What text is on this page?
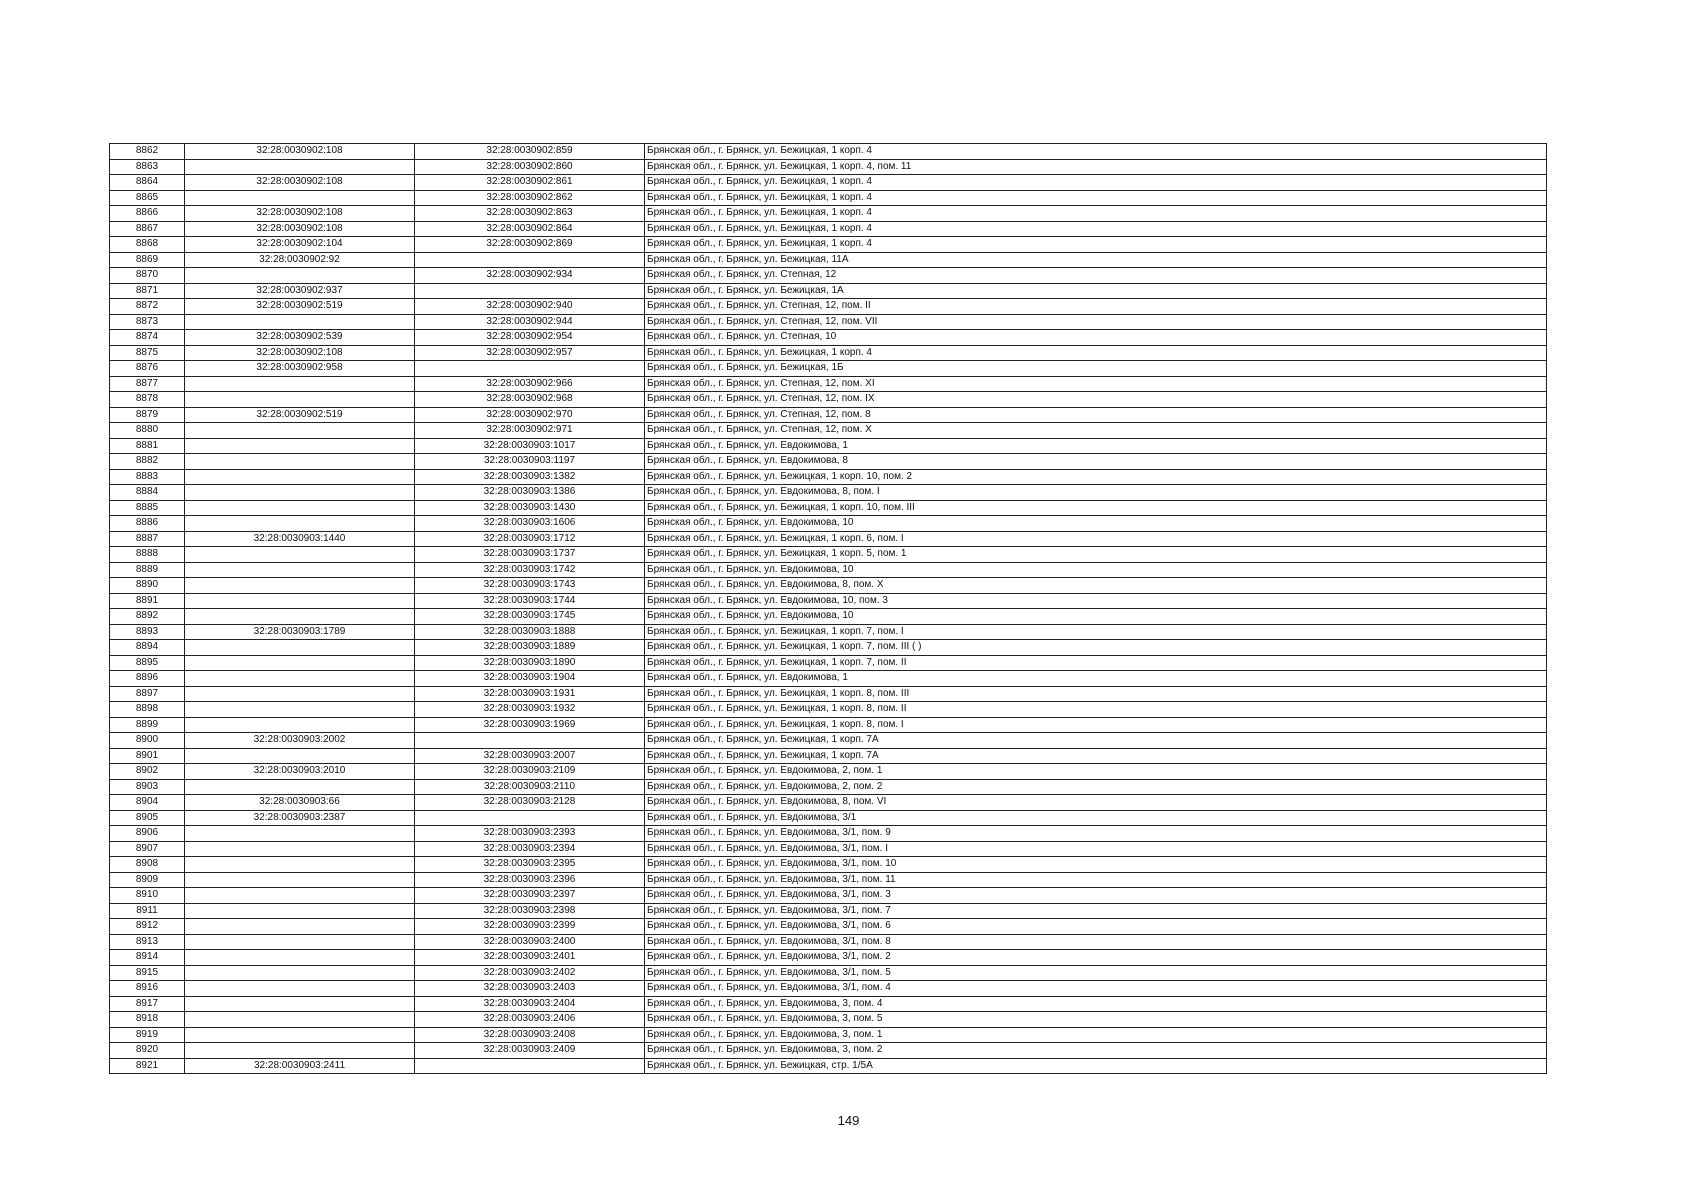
8862	32:28:0030902:108	32:28:0030902:859	Брянская обл., г. Брянск, ул. Бежицкая, 1 корп. 4
8863		32:28:0030902:860	Брянская обл., г. Брянск, ул. Бежицкая, 1 корп. 4, пом. 11
8864	32:28:0030902:108	32:28:0030902:861	Брянская обл., г. Брянск, ул. Бежицкая, 1 корп. 4
8865		32:28:0030902:862	Брянская обл., г. Брянск, ул. Бежицкая, 1 корп. 4
8866	32:28:0030902:108	32:28:0030902:863	Брянская обл., г. Брянск, ул. Бежицкая, 1 корп. 4
8867	32:28:0030902:108	32:28:0030902:864	Брянская обл., г. Брянск, ул. Бежицкая, 1 корп. 4
8868	32:28:0030902:104	32:28:0030902:869	Брянская обл., г. Брянск, ул. Бежицкая, 1 корп. 4
8869	32:28:0030902:92		Брянская обл., г. Брянск, ул. Бежицкая, 11А
8870		32:28:0030902:934	Брянская обл., г. Брянск, ул. Степная, 12
8871	32:28:0030902:937		Брянская обл., г. Брянск, ул. Бежицкая, 1А
8872	32:28:0030902:519	32:28:0030902:940	Брянская обл., г. Брянск, ул. Степная, 12, пом. II
8873		32:28:0030902:944	Брянская обл., г. Брянск, ул. Степная, 12, пом. VII
8874	32:28:0030902:539	32:28:0030902:954	Брянская обл., г. Брянск, ул. Степная, 10
8875	32:28:0030902:108	32:28:0030902:957	Брянская обл., г. Брянск, ул. Бежицкая, 1 корп. 4
8876	32:28:0030902:958		Брянская обл., г. Брянск, ул. Бежицкая, 1Б
8877		32:28:0030902:966	Брянская обл., г. Брянск, ул. Степная, 12, пом. XI
8878		32:28:0030902:968	Брянская обл., г. Брянск, ул. Степная, 12, пом. IX
8879	32:28:0030902:519	32:28:0030902:970	Брянская обл., г. Брянск, ул. Степная, 12, пом. 8
8880		32:28:0030902:971	Брянская обл., г. Брянск, ул. Степная, 12, пом. X
8881		32:28:0030903:1017	Брянская обл., г. Брянск, ул. Евдокимова, 1
8882		32:28:0030903:1197	Брянская обл., г. Брянск, ул. Евдокимова, 8
8883		32:28:0030903:1382	Брянская обл., г. Брянск, ул. Бежицкая, 1 корп. 10, пом. 2
8884		32:28:0030903:1386	Брянская обл., г. Брянск, ул. Евдокимова, 8, пом. I
8885		32:28:0030903:1430	Брянская обл., г. Брянск, ул. Бежицкая, 1 корп. 10, пом. III
8886		32:28:0030903:1606	Брянская обл., г. Брянск, ул. Евдокимова, 10
8887	32:28:0030903:1440	32:28:0030903:1712	Брянская обл., г. Брянск, ул. Бежицкая, 1 корп. 6, пом. I
8888		32:28:0030903:1737	Брянская обл., г. Брянск, ул. Бежицкая, 1 корп. 5, пом. 1
8889		32:28:0030903:1742	Брянская обл., г. Брянск, ул. Евдокимова, 10
8890		32:28:0030903:1743	Брянская обл., г. Брянск, ул. Евдокимова, 8, пом. X
8891		32:28:0030903:1744	Брянская обл., г. Брянск, ул. Евдокимова, 10, пом. 3
8892		32:28:0030903:1745	Брянская обл., г. Брянск, ул. Евдокимова, 10
8893	32:28:0030903:1789	32:28:0030903:1888	Брянская обл., г. Брянск, ул. Бежицкая, 1 корп. 7, пом. I
8894		32:28:0030903:1889	Брянская обл., г. Брянск, ул. Бежицкая, 1 корп. 7, пом. III ( )
8895		32:28:0030903:1890	Брянская обл., г. Брянск, ул. Бежицкая, 1 корп. 7, пом. II
8896		32:28:0030903:1904	Брянская обл., г. Брянск, ул. Евдокимова, 1
8897		32:28:0030903:1931	Брянская обл., г. Брянск, ул. Бежицкая, 1 корп. 8, пом. III
8898		32:28:0030903:1932	Брянская обл., г. Брянск, ул. Бежицкая, 1 корп. 8, пом. II
8899		32:28:0030903:1969	Брянская обл., г. Брянск, ул. Бежицкая, 1 корп. 8, пом. I
8900	32:28:0030903:2002		Брянская обл., г. Брянск, ул. Бежицкая, 1 корп. 7А
8901		32:28:0030903:2007	Брянская обл., г. Брянск, ул. Бежицкая, 1 корп. 7А
8902	32:28:0030903:2010	32:28:0030903:2109	Брянская обл., г. Брянск, ул. Евдокимова, 2, пом. 1
8903		32:28:0030903:2110	Брянская обл., г. Брянск, ул. Евдокимова, 2, пом. 2
8904	32:28:0030903:66	32:28:0030903:2128	Брянская обл., г. Брянск, ул. Евдокимова, 8, пом. VI
8905	32:28:0030903:2387		Брянская обл., г. Брянск, ул. Евдокимова, 3/1
8906		32:28:0030903:2393	Брянская обл., г. Брянск, ул. Евдокимова, 3/1, пом. 9
8907		32:28:0030903:2394	Брянская обл., г. Брянск, ул. Евдокимова, 3/1, пом. I
8908		32:28:0030903:2395	Брянская обл., г. Брянск, ул. Евдокимова, 3/1, пом. 10
8909		32:28:0030903:2396	Брянская обл., г. Брянск, ул. Евдокимова, 3/1, пом. 11
8910		32:28:0030903:2397	Брянская обл., г. Брянск, ул. Евдокимова, 3/1, пом. 3
8911		32:28:0030903:2398	Брянская обл., г. Брянск, ул. Евдокимова, 3/1, пом. 7
8912		32:28:0030903:2399	Брянская обл., г. Брянск, ул. Евдокимова, 3/1, пом. 6
8913		32:28:0030903:2400	Брянская обл., г. Брянск, ул. Евдокимова, 3/1, пом. 8
8914		32:28:0030903:2401	Брянская обл., г. Брянск, ул. Евдокимова, 3/1, пом. 2
8915		32:28:0030903:2402	Брянская обл., г. Брянск, ул. Евдокимова, 3/1, пом. 5
8916		32:28:0030903:2403	Брянская обл., г. Брянск, ул. Евдокимова, 3/1, пом. 4
8917		32:28:0030903:2404	Брянская обл., г. Брянск, ул. Евдокимова, 3, пом. 4
8918		32:28:0030903:2406	Брянская обл., г. Брянск, ул. Евдокимова, 3, пом. 5
8919		32:28:0030903:2408	Брянская обл., г. Брянск, ул. Евдокимова, 3, пом. 1
8920		32:28:0030903:2409	Брянская обл., г. Брянск, ул. Евдокимова, 3, пом. 2
8921	32:28:0030903:2411		Брянская обл., г. Брянск, ул. Бежицкая, стр. 1/5А
149
